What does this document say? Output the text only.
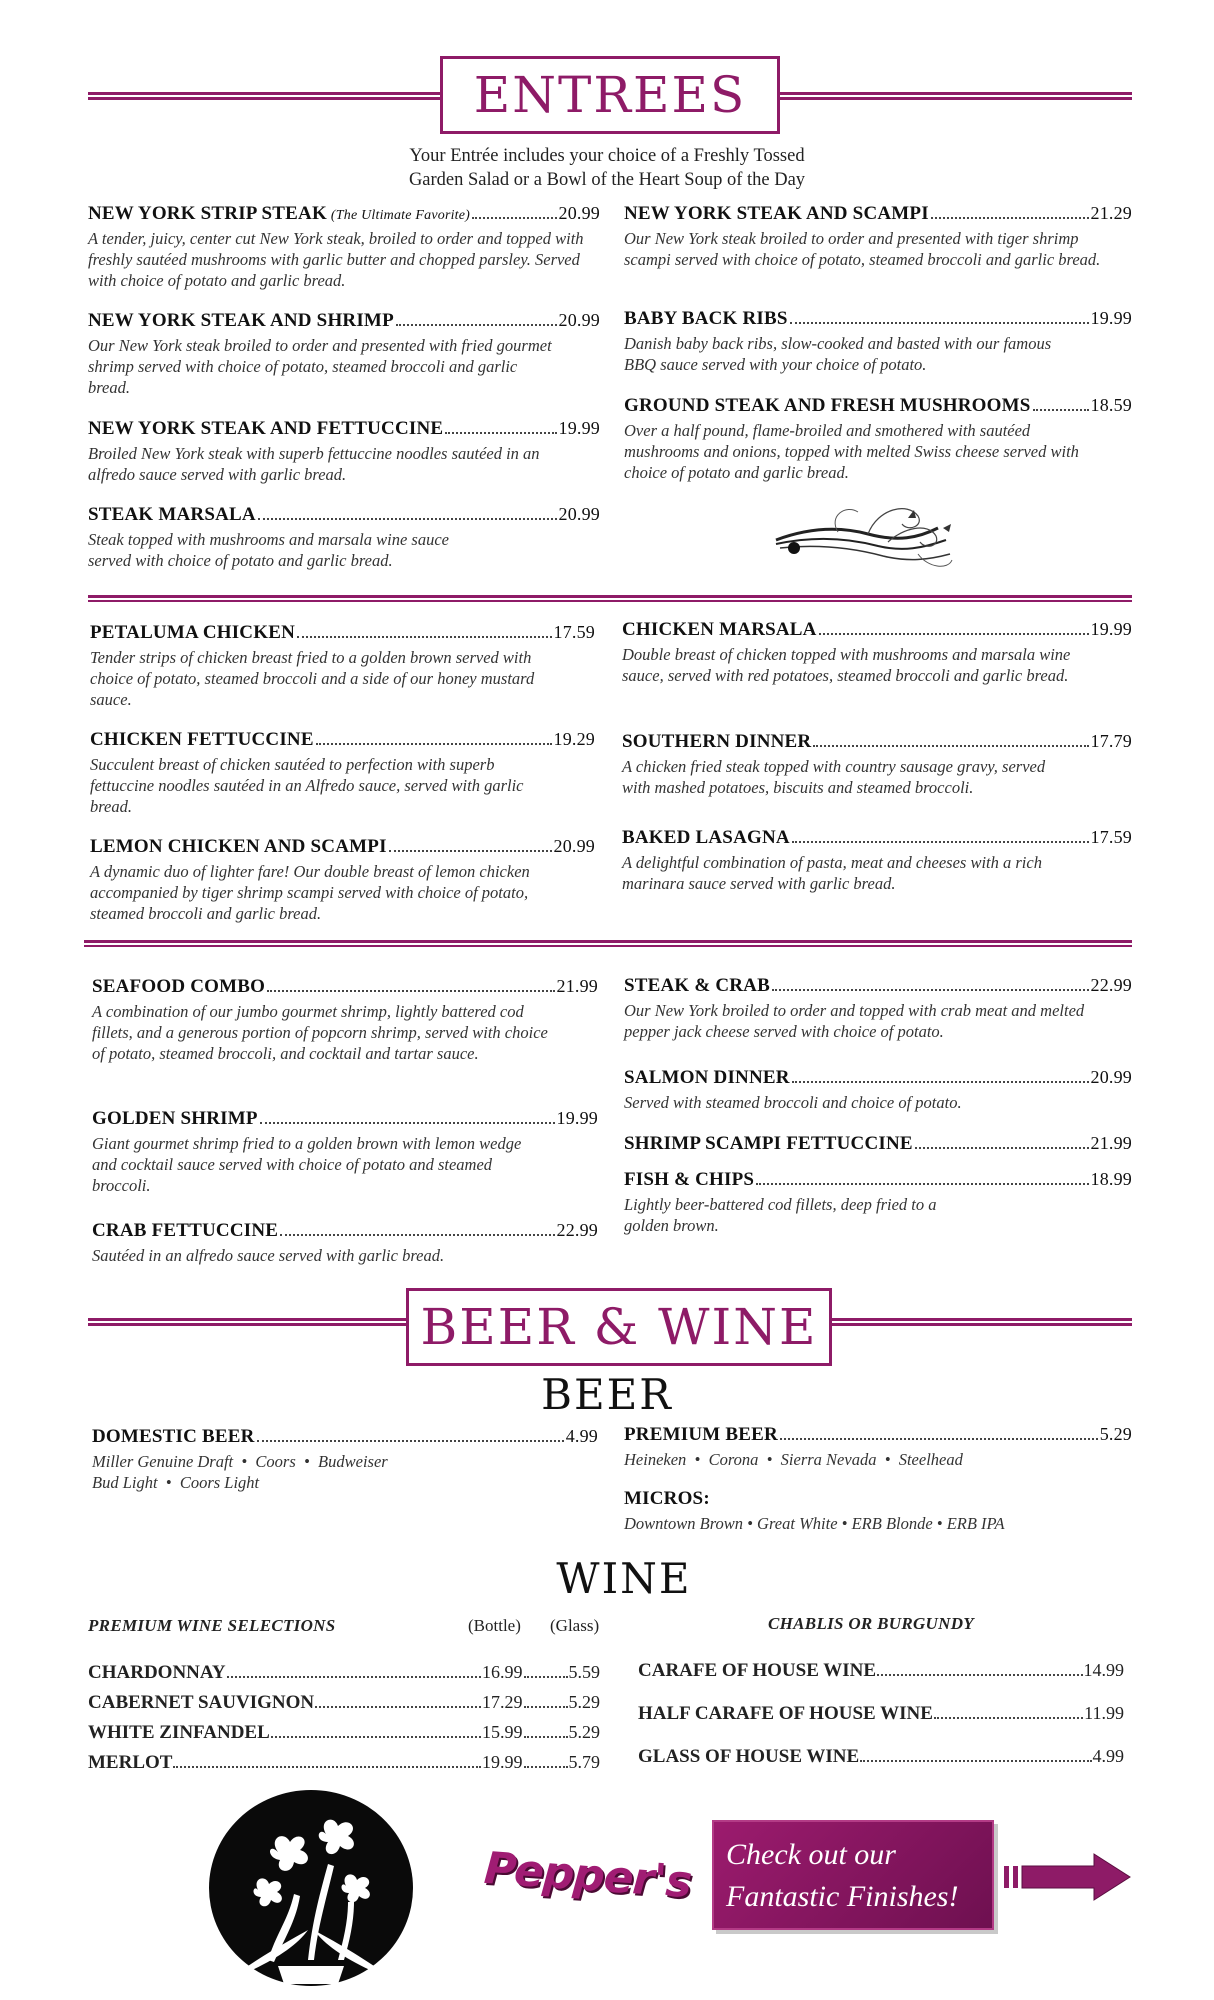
ENTREES
Your Entrée includes your choice of a Freshly Tossed
Garden Salad or a Bowl of the Heart Soup of the Day
NEW YORK STRIP STEAK (The Ultimate Favorite)	20.99
A tender, juicy, center cut New York steak, broiled to order and topped with freshly sautéed mushrooms with garlic butter and chopped parsley. Served with choice of potato and garlic bread.
NEW YORK STEAK AND SHRIMP	20.99
Our New York steak broiled to order and presented with fried gourmet shrimp served with choice of potato, steamed broccoli and garlic bread.
NEW YORK STEAK AND FETTUCCINE	19.99
Broiled New York steak with superb fettuccine noodles sautéed in an alfredo sauce served with garlic bread.
STEAK MARSALA	20.99
Steak topped with mushrooms and marsala wine sauce served with choice of potato and garlic bread.
NEW YORK STEAK AND SCAMPI	21.29
Our New York steak broiled to order and presented with tiger shrimp scampi served with choice of potato, steamed broccoli and garlic bread.
BABY BACK RIBS	19.99
Danish baby back ribs, slow-cooked and basted with our famous BBQ sauce served with your choice of potato.
GROUND STEAK AND FRESH MUSHROOMS	18.59
Over a half pound, flame-broiled and smothered with sautéed mushrooms and onions, topped with melted Swiss cheese served with choice of potato and garlic bread.
PETALUMA CHICKEN	17.59
Tender strips of chicken breast fried to a golden brown served with choice of potato, steamed broccoli and a side of our honey mustard sauce.
CHICKEN FETTUCCINE	19.29
Succulent breast of chicken sautéed to perfection with superb fettuccine noodles sautéed in an Alfredo sauce, served with garlic bread.
LEMON CHICKEN AND SCAMPI	20.99
A dynamic duo of lighter fare! Our double breast of lemon chicken accompanied by tiger shrimp scampi served with choice of potato, steamed broccoli and garlic bread.
CHICKEN MARSALA	19.99
Double breast of chicken topped with mushrooms and marsala wine sauce, served with red potatoes, steamed broccoli and garlic bread.
SOUTHERN DINNER	17.79
A chicken fried steak topped with country sausage gravy, served with mashed potatoes, biscuits and steamed broccoli.
BAKED LASAGNA	17.59
A delightful combination of pasta, meat and cheeses with a rich marinara sauce served with garlic bread.
SEAFOOD COMBO	21.99
A combination of our jumbo gourmet shrimp, lightly battered cod fillets, and a generous portion of popcorn shrimp, served with choice of potato, steamed broccoli, and cocktail and tartar sauce.
GOLDEN SHRIMP	19.99
Giant gourmet shrimp fried to a golden brown with lemon wedge and cocktail sauce served with choice of potato and steamed broccoli.
CRAB FETTUCCINE	22.99
Sautéed in an alfredo sauce served with garlic bread.
STEAK & CRAB	22.99
Our New York broiled to order and topped with crab meat and melted pepper jack cheese served with choice of potato.
SALMON DINNER	20.99
Served with steamed broccoli and choice of potato.
SHRIMP SCAMPI FETTUCCINE	21.99
FISH & CHIPS	18.99
Lightly beer-battered cod fillets, deep fried to a golden brown.
BEER & WINE
BEER
DOMESTIC BEER	4.99
Miller Genuine Draft  •  Coors  •  Budweiser
Bud Light  •  Coors Light
PREMIUM BEER	5.29
Heineken  •  Corona  •  Sierra Nevada  •  Steelhead
MICROS:
Downtown Brown • Great White • ERB Blonde • ERB IPA
WINE
PREMIUM WINE SELECTIONS	(Bottle) (Glass)
CHARDONNAY	16.99	5.59
CABERNET SAUVIGNON	17.29	5.29
WHITE ZINFANDEL	15.99	5.29
MERLOT	19.99	5.79
CHABLIS OR BURGUNDY
CARAFE OF HOUSE WINE	14.99
HALF CARAFE OF HOUSE WINE	11.99
GLASS OF HOUSE WINE	4.99
Pepper's Check out our
Fantastic Finishes!
